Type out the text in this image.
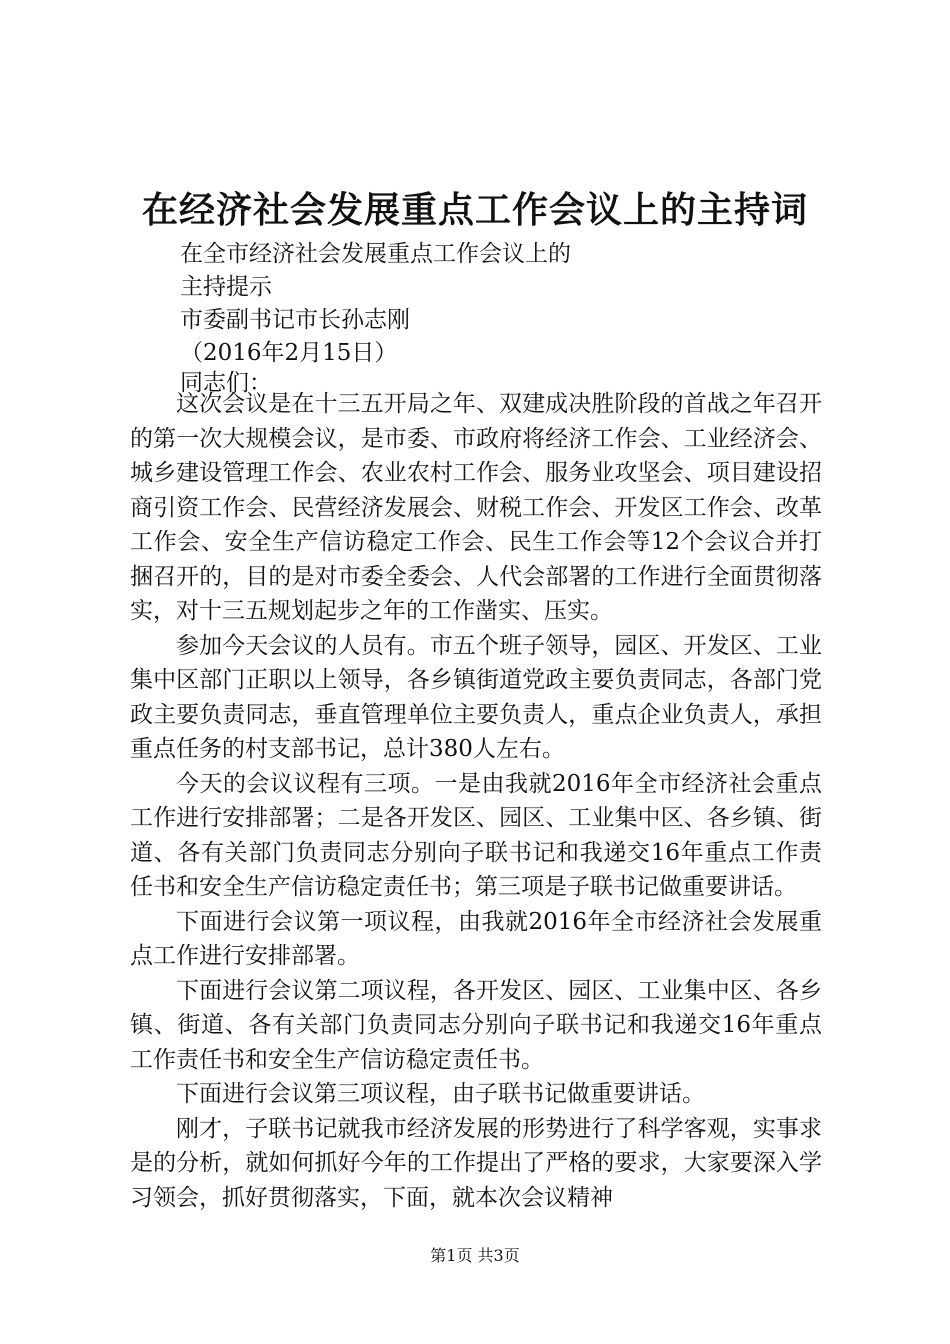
在经济社会发展重点工作会议上的主持词
在全市经济社会发展重点工作会议上的
主持提示
市委副书记市长孙志刚
（2016年2月15日）
同志们：

这次会议是在十三五开局之年、双建成决胜阶段的首战之年召开的第一次大规模会议，是市委、市政府将经济工作会、工业经济会、城乡建设管理工作会、农业农村工作会、服务业攻坚会、项目建设招商引资工作会、民营经济发展会、财税工作会、开发区工作会、改革工作会、安全生产信访稳定工作会、民生工作会等12个会议合并打捆召开的，目的是对市委全委会、人代会部署的工作进行全面贯彻落实，对十三五规划起步之年的工作凿实、压实。

参加今天会议的人员有。市五个班子领导，园区、开发区、工业集中区部门正职以上领导，各乡镇街道党政主要负责同志，各部门党政主要负责同志，垂直管理单位主要负责人，重点企业负责人，承担重点任务的村支部书记，总计380人左右。

今天的会议议程有三项。一是由我就2016年全市经济社会重点工作进行安排部署；二是各开发区、园区、工业集中区、各乡镇、街道、各有关部门负责同志分别向子联书记和我递交16年重点工作责任书和安全生产信访稳定责任书；第三项是子联书记做重要讲话。

下面进行会议第一项议程，由我就2016年全市经济社会发展重点工作进行安排部署。

下面进行会议第二项议程，各开发区、园区、工业集中区、各乡镇、街道、各有关部门负责同志分别向子联书记和我递交16年重点工作责任书和安全生产信访稳定责任书。

下面进行会议第三项议程，由子联书记做重要讲话。

刚才，子联书记就我市经济发展的形势进行了科学客观，实事求是的分析，就如何抓好今年的工作提出了严格的要求，大家要深入学习领会，抓好贯彻落实，下面，就本次会议精神

第1页 共3页
